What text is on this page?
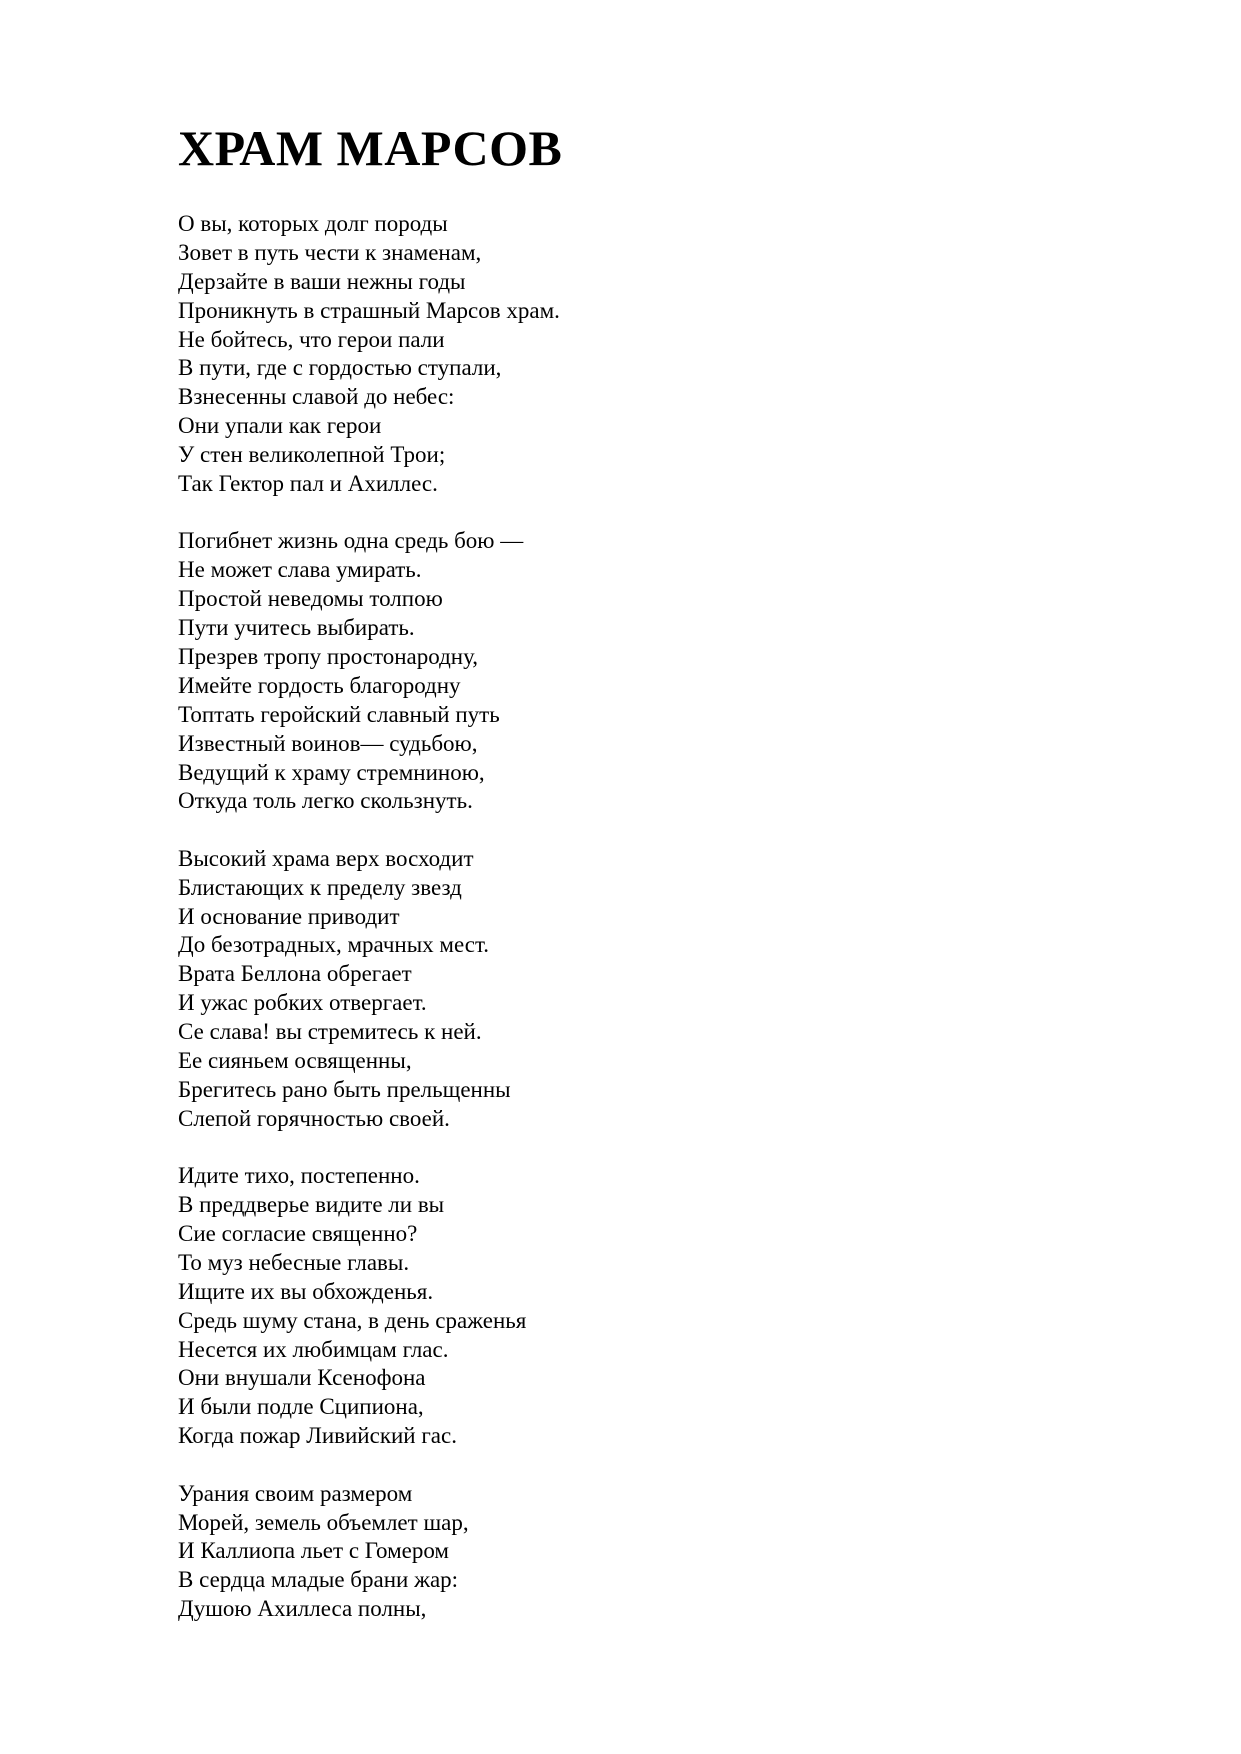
ХРАМ МАРСОВ
О вы, которых долг породы
Зовет в путь чести к знаменам,
Дерзайте в ваши нежны годы
Проникнуть в страшный Марсов храм.
Не бойтесь, что герои пали
В пути, где с гордостью ступали,
Взнесенны славой до небес:
Они упали как герои
У стен великолепной Трои;
Так Гектор пал и Ахиллес.
Погибнет жизнь одна средь бою —
Не может слава умирать.
Простой неведомы толпою
Пути учитесь выбирать.
Презрев тропу простонародну,
Имейте гордость благородну
Топтать геройский славный путь
Известный воинов— судьбою,
Ведущий к храму стремниною,
Откуда толь легко скользнуть.
Высокий храма верх восходит
Блистающих к пределу звезд
И основание приводит
До безотрадных, мрачных мест.
Врата Беллона обрегает
И ужас робких отвергает.
Се слава! вы стремитесь к ней.
Ее сияньем освященны,
Брегитесь рано быть прельщенны
Слепой горячностью своей.
Идите тихо, постепенно.
В преддверье видите ли вы
Сие согласие священно?
То муз небесные главы.
Ищите их вы обхожденья.
Средь шуму стана, в день сраженья
Несется их любимцам глас.
Они внушали Ксенофона
И были подле Сципиона,
Когда пожар Ливийский гас.
Урания своим размером
Морей, земель объемлет шар,
И Каллиопа льет с Гомером
В сердца младые брани жар:
Душою Ахиллеса полны,
